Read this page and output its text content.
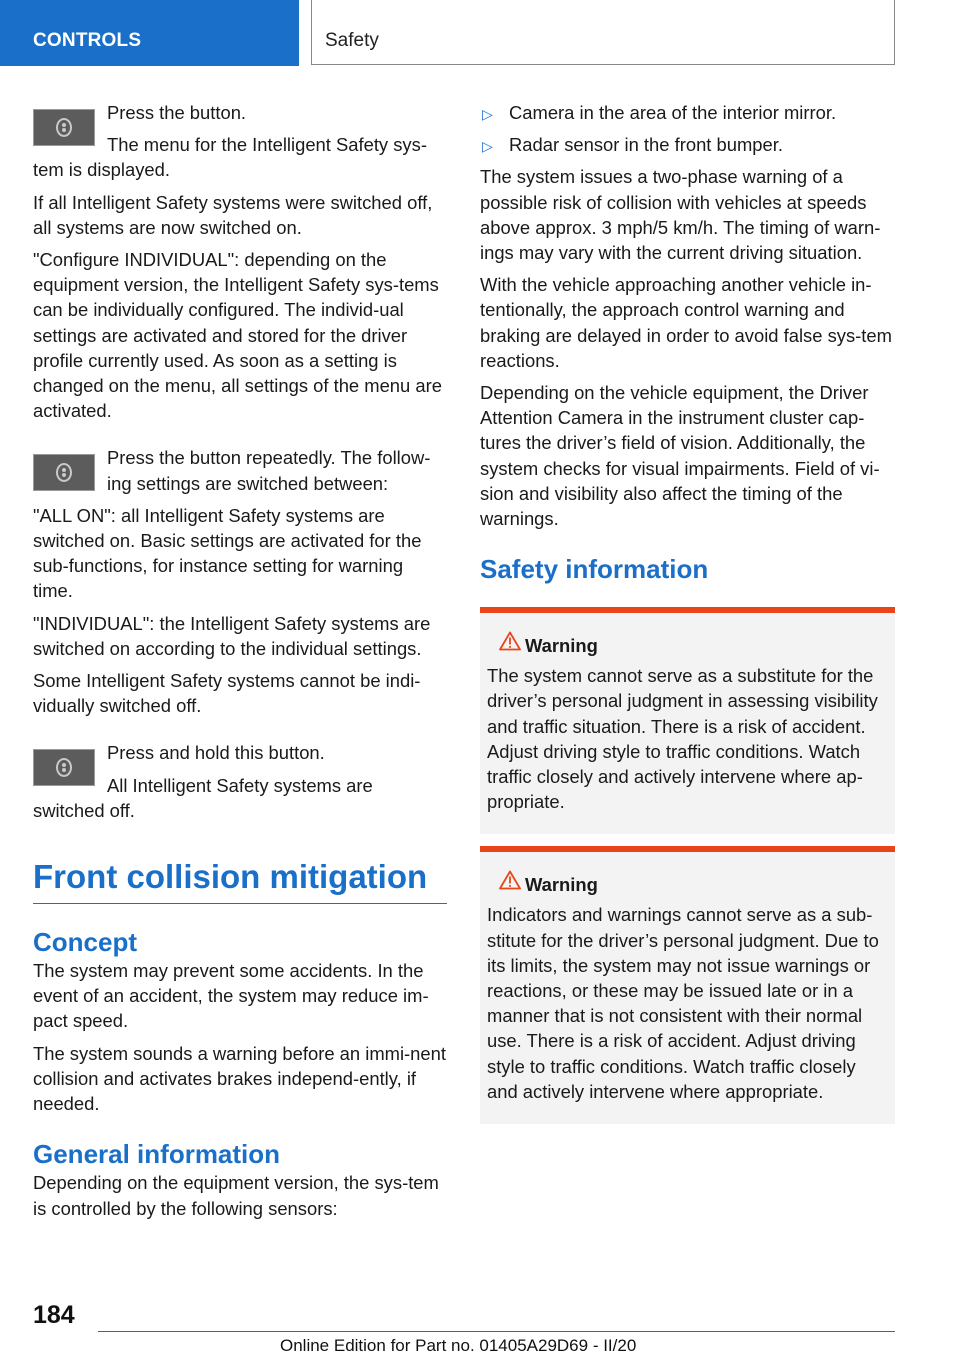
CONTROLS	Safety

Press the button.

The menu for the Intelligent Safety sys-

tem is displayed.

If all Intelligent Safety systems were switched off, all systems are now switched on.

"Configure INDIVIDUAL": depending on the equipment version, the Intelligent Safety sys-tems can be individually configured. The individ-ual settings are activated and stored for the driver profile currently used. As soon as a setting is changed on the menu, all settings of the menu are activated.

Press the button repeatedly. The follow-

ing settings are switched between:

"ALL ON": all Intelligent Safety systems are switched on. Basic settings are activated for the sub-functions, for instance setting for warning time.

"INDIVIDUAL": the Intelligent Safety systems are switched on according to the individual settings.

Some Intelligent Safety systems cannot be indi-vidually switched off.

Press and hold this button.

All Intelligent Safety systems are

switched off.

Front collision mitigation
Concept

The system may prevent some accidents. In the event of an accident, the system may reduce im-pact speed.

The system sounds a warning before an immi-nent collision and activates brakes independ-ently, if needed.

General information

Depending on the equipment version, the sys-tem is controlled by the following sensors:

▷ Camera in the area of the interior mirror.
▷ Radar sensor in the front bumper.

The system issues a two-phase warning of a possible risk of collision with vehicles at speeds above approx. 3 mph/5 km/h. The timing of warn-ings may vary with the current driving situation.

With the vehicle approaching another vehicle in-tentionally, the approach control warning and braking are delayed in order to avoid false sys-tem reactions.

Depending on the vehicle equipment, the Driver Attention Camera in the instrument cluster cap-tures the driver’s field of vision. Additionally, the system checks for visual impairments. Field of vi-sion and visibility also affect the timing of the warnings.

Safety information
Warning

The system cannot serve as a substitute for the driver’s personal judgment in assessing visibility and traffic situation. There is a risk of accident. Adjust driving style to traffic conditions. Watch traffic closely and actively intervene where ap-propriate.

Warning

Indicators and warnings cannot serve as a sub-stitute for the driver’s personal judgment. Due to its limits, the system may not issue warnings or reactions, or these may be issued late or in a manner that is not consistent with their normal use. There is a risk of accident. Adjust driving style to traffic conditions. Watch traffic closely and actively intervene where appropriate.

184
Online Edition for Part no. 01405A29D69 - II/20
